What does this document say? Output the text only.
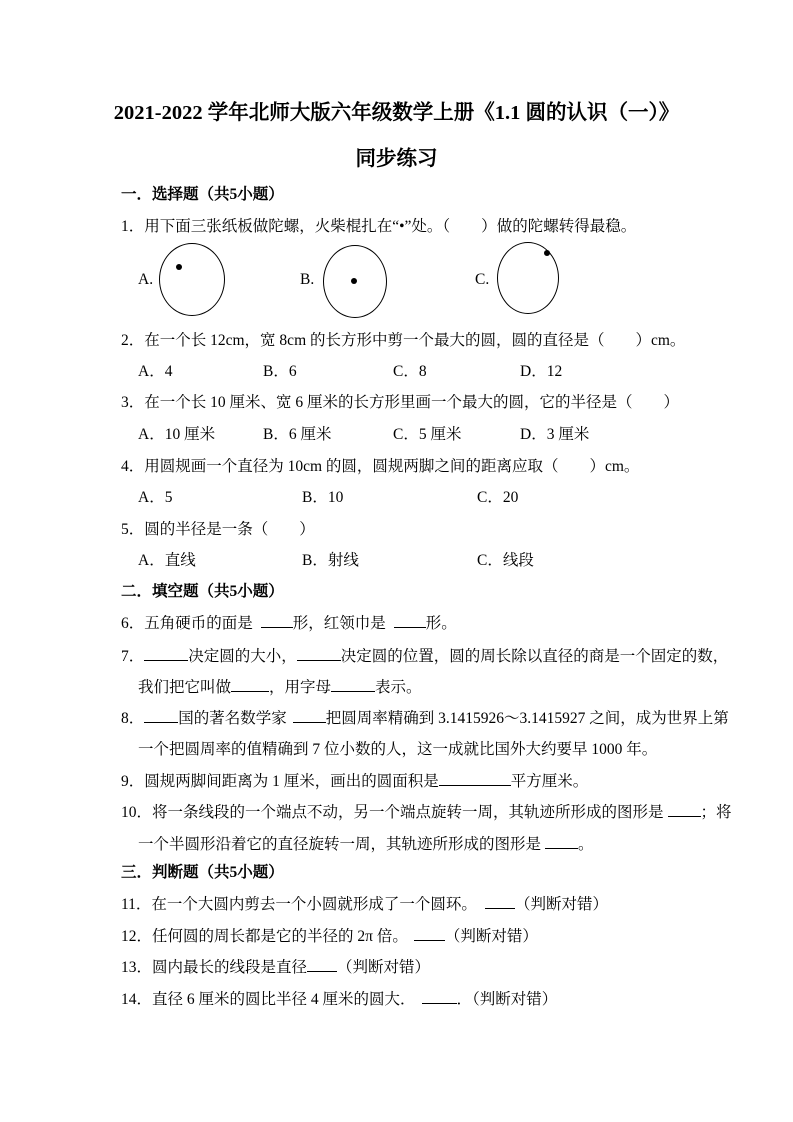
2021-2022 学年北师大版六年级数学上册《1.1 圆的认识（一）》
同步练习
一．选择题（共5小题）
1．用下面三张纸板做陀螺，火柴棍扎在“•”处。（　　）做的陀螺转得最稳。
A.	B.	C.
2．在一个长 12cm，宽 8cm 的长方形中剪一个最大的圆，圆的直径是（　　）cm。
A．4	B．6	C．8	D．12
3．在一个长 10 厘米、宽 6 厘米的长方形里画一个最大的圆，它的半径是（　　）
A．10 厘米	B．6 厘米	C．5 厘米	D．3 厘米
4．用圆规画一个直径为 10cm 的圆，圆规两脚之间的距离应取（　　）cm。
A．5	B．10	C．20
5．圆的半径是一条（　　）
A．直线	B．射线	C．线段
二．填空题（共5小题）
6．五角硬币的面是	形，红领巾是	形。
7．	决定圆的大小，	决定圆的位置，圆的周长除以直径的商是一个固定的数，
我们把它叫做 ，用字母	表示。
8． 国的著名数学家	把圆周率精确到 3.1415926～3.1415927 之间，成为世界上第
一个把圆周率的值精确到 7 位小数的人，这一成就比国外大约要早 1000 年。
9．圆规两脚间距离为 1 厘米，画出的圆面积是	平方厘米。
10．将一条线段的一个端点不动，另一个端点旋转一周，其轨迹所形成的图形是 ；将
一个半圆形沿着它的直径旋转一周，其轨迹所形成的图形是 。
三．判断题（共5小题）
11．在一个大圆内剪去一个小圆就形成了一个圆环。 （判断对错）
12．任何圆的周长都是它的半径的 2π 倍。 （判断对错）
13．圆内最长的线段是直径 （判断对错）
14．直径 6 厘米的圆比半径 4 厘米的圆大．	．（判断对错）
